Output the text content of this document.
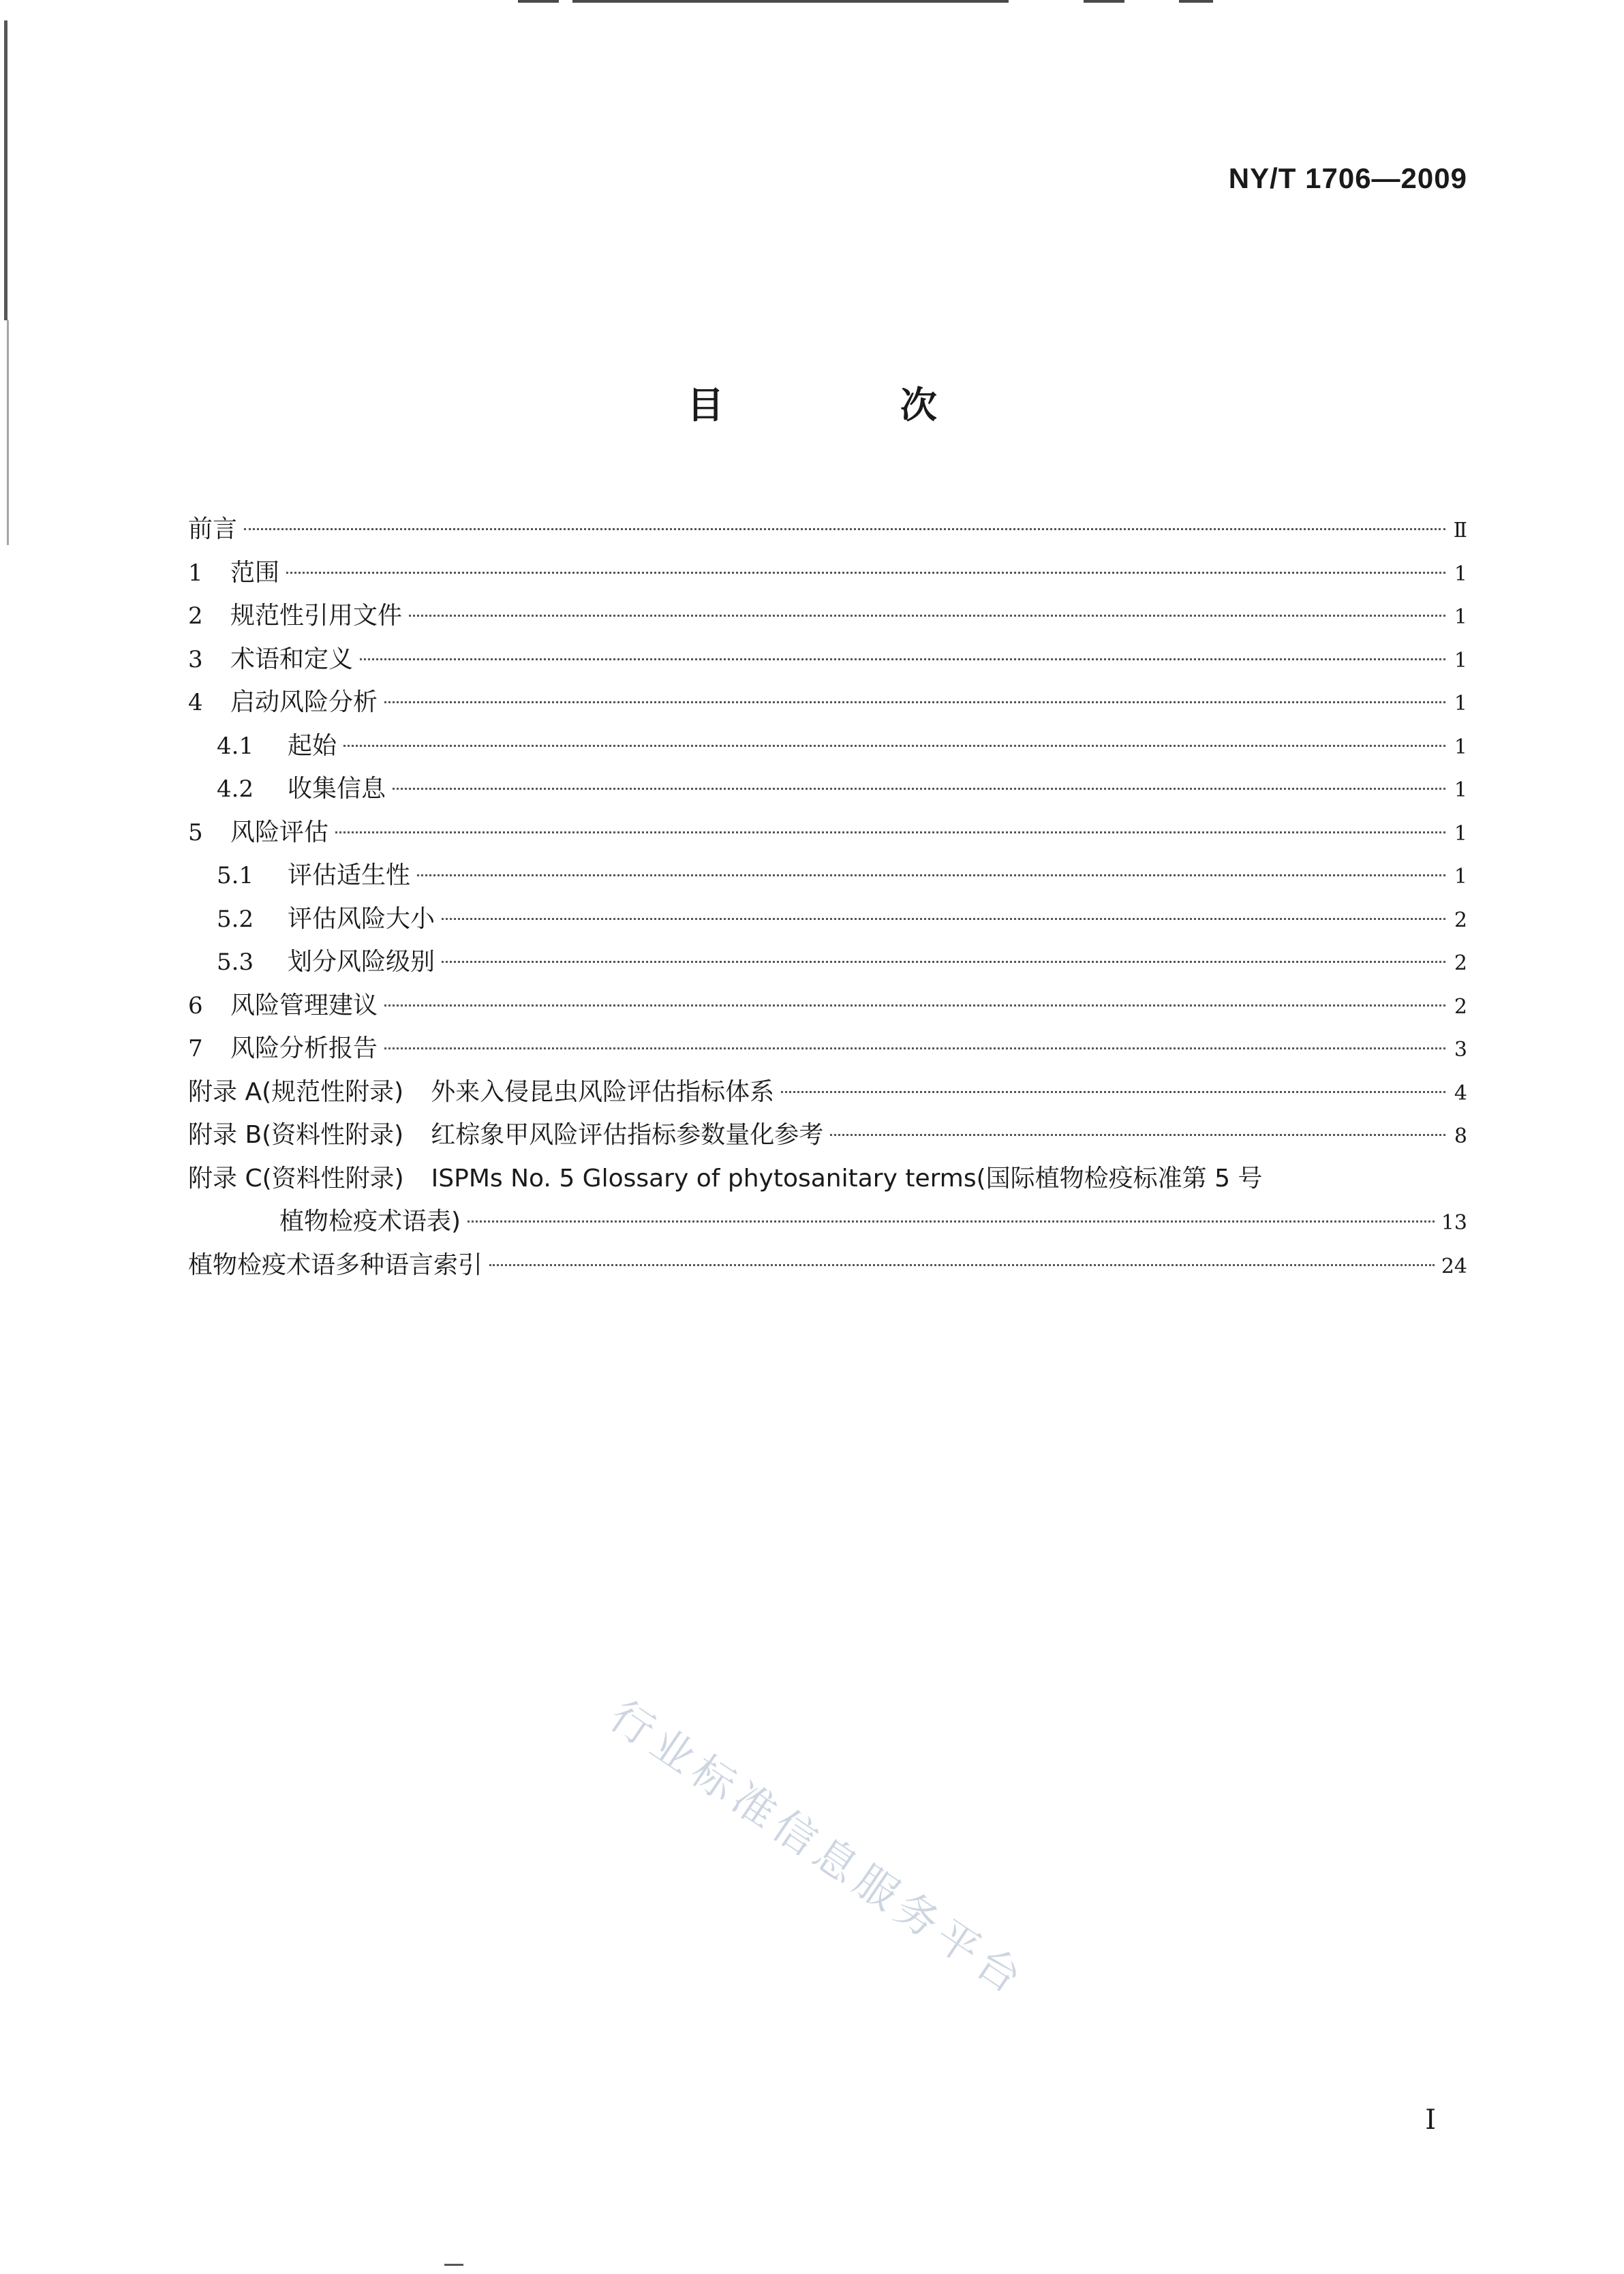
NY/T 1706—2009
目 次
前言	Ⅱ
1 范围	1
2 规范性引用文件	1
3 术语和定义	1
4 启动风险分析	1
4.1 起始	1
4.2 收集信息	1
5 风险评估	1
5.1 评估适生性	1
5.2 评估风险大小	2
5.3 划分风险级别	2
6 风险管理建议	2
7 风险分析报告	3
附录 A(规范性附录) 外来入侵昆虫风险评估指标体系	4
附录 B(资料性附录) 红棕象甲风险评估指标参数量化参考	8
附录 C(资料性附录) ISPMs No. 5 Glossary of phytosanitary terms(国际植物检疫标准第 5 号
植物检疫术语表)	13
植物检疫术语多种语言索引	24
行业标准信息服务平台
I
